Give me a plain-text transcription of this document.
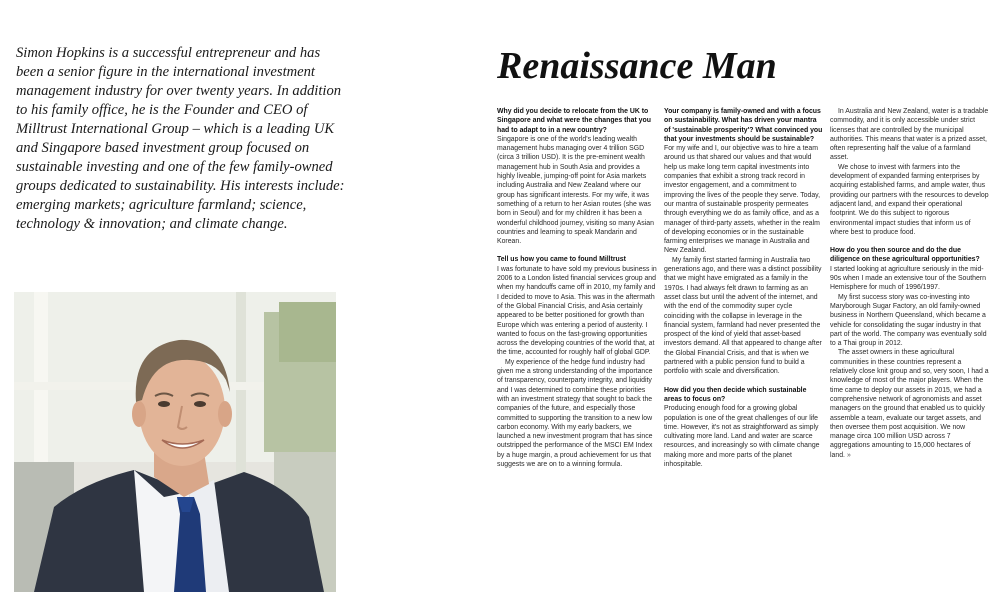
Simon Hopkins is a successful entrepreneur and has been a senior figure in the international investment management industry for over twenty years. In addition to his family office, he is the Founder and CEO of Milltrust International Group – which is a leading UK and Singapore based investment group focused on sustainable investing and one of the few family-owned groups dedicated to sustainability. His interests include: emerging markets; agriculture farmland; science, technology & innovation; and climate change.

Renaissance Man

Why did you decide to relocate from the UK to Singapore and what were the changes that you had to adapt to in a new country?

Singapore is one of the world's leading wealth management hubs managing over 4 trillion SGD (circa 3 trillion USD). It is the pre-eminent wealth management hub in South Asia and provides a highly liveable, jumping-off point for Asia markets including Australia and New Zealand where our group has significant interests. For my wife, it was something of a return to her Asian routes (she was born in Seoul) and for my children it has been a wonderful childhood journey, visiting so many Asian countries and learning to speak Mandarin and Korean.

Tell us how you came to found Milltrust

I was fortunate to have sold my previous business in 2006 to a London listed financial services group and when my handcuffs came off in 2010, my family and I decided to move to Asia. This was in the aftermath of the Global Financial Crisis, and Asia certainly appeared to be better positioned for growth than Europe which was entering a period of austerity. I wanted to focus on the fast-growing opportunities across the developing countries of the world that, at the time, accounted for roughly half of global GDP.

My experience of the hedge fund industry had given me a strong understanding of the importance of transparency, counterparty integrity, and liquidity and I was determined to combine these priorities with an investment strategy that sought to back the companies of the future, and especially those committed to supporting the transition to a new low carbon economy. With my early backers, we launched a new investment program that has since outstripped the performance of the MSCI EM Index by a huge margin, a proud achievement for us that suggests we are on to a winning formula.

Your company is family-owned and with a focus on sustainability. What has driven your mantra of 'sustainable prosperity'? What convinced you that your investments should be sustainable?

For my wife and I, our objective was to hire a team around us that shared our values and that would help us make long term capital investments into companies that exhibit a strong track record in investor engagement, and a commitment to improving the lives of the people they serve. Today, our mantra of sustainable prosperity permeates through everything we do as family office, and as a manager of third-party assets, whether in the realm of developing economies or in the sustainable farming enterprises we manage in Australia and New Zealand.

My family first started farming in Australia two generations ago, and there was a distinct possibility that we might have emigrated as a family in the 1970s. I had always felt drawn to farming as an asset class but until the advent of the internet, and with the end of the commodity super cycle coinciding with the collapse in leverage in the financial system, farmland had never presented the prospect of the kind of yield that asset-based investors demand. All that appeared to change after the Global Financial Crisis, and that is when we partnered with a public pension fund to build a portfolio with scale and diversification.

How did you then decide which sustainable areas to focus on?

Producing enough food for a growing global population is one of the great challenges of our life time. However, it's not as straightforward as simply cultivating more land. Land and water are scarce resources, and increasingly so with climate change making more and more parts of the planet inhospitable.

In Australia and New Zealand, water is a tradable commodity, and it is only accessible under strict licenses that are controlled by the municipal authorities. This means that water is a prized asset, often representing half the value of a farmland asset.

We chose to invest with farmers into the development of expanded farming enterprises by acquiring established farms, and ample water, thus providing our partners with the resources to develop adjacent land, and expand their operational footprint. We do this subject to rigorous environmental impact studies that inform us of where best to produce food.

How do you then source and do the due diligence on these agricultural opportunities?

I started looking at agriculture seriously in the mid-90s when I made an extensive tour of the Southern Hemisphere for much of 1996/1997.

My first success story was co-investing into Maryborough Sugar Factory, an old family-owned business in Northern Queensland, which became a vehicle for consolidating the sugar industry in that part of the world. The company was eventually sold to a Thai group in 2012.

The asset owners in these agricultural communities in these countries represent a relatively close knit group and so, very soon, I had a knowledge of most of the major players. When the time came to deploy our assets in 2015, we had a comprehensive network of agronomists and asset managers on the ground that enabled us to quickly assemble a team, evaluate our target assets, and then oversee them post acquisition. We now manage circa 100 million USD across 7 aggregations amounting to 15,000 hectares of land. »
